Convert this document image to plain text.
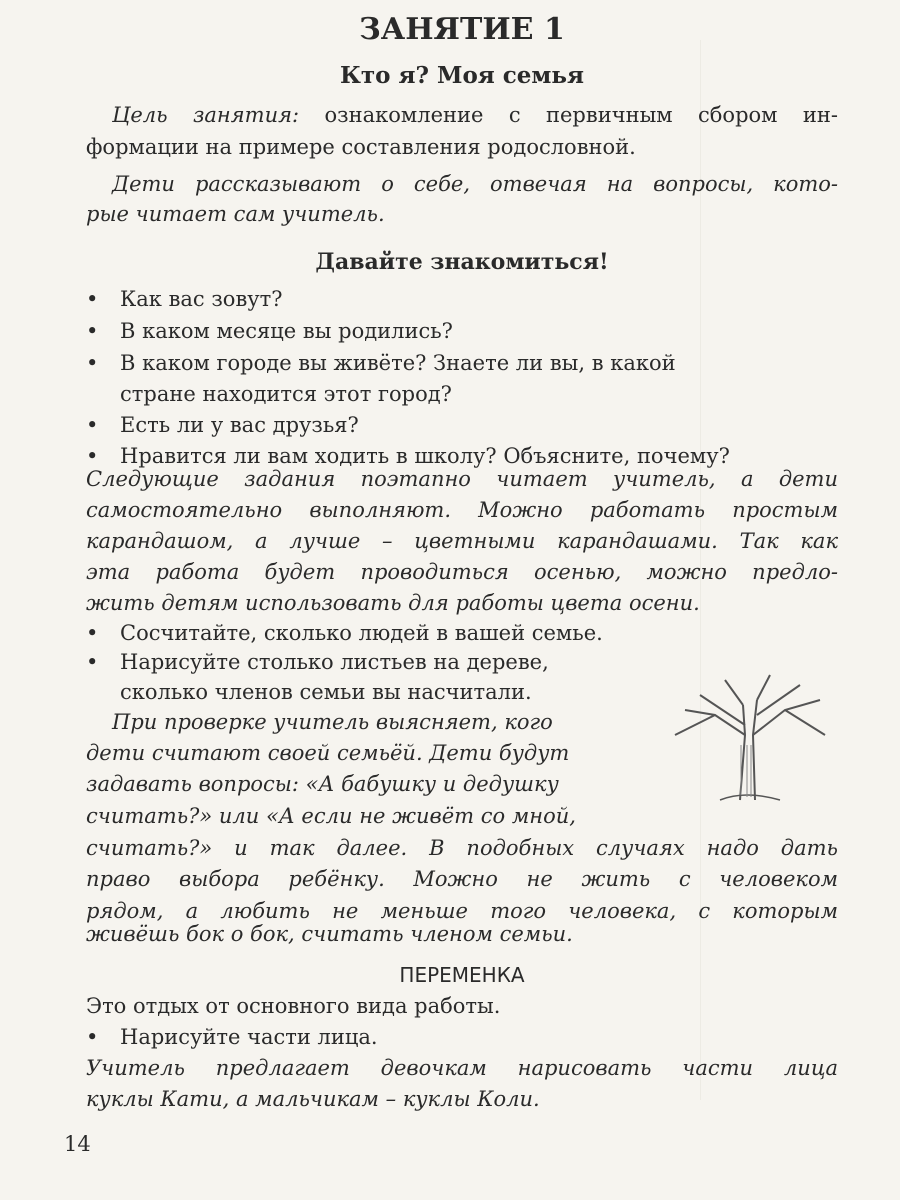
ЗАНЯТИЕ 1
Кто я? Моя семья
Цель занятия: ознакомление с первичным сбором ин-
формации на примере составления родословной.
Дети рассказывают о себе, отвечая на вопросы, кото-
рые читает сам учитель.
Давайте знакомиться!
Как вас зовут?
В каком месяце вы родились?
В каком городе вы живёте? Знаете ли вы, в какой
стране находится этот город?
Есть ли у вас друзья?
Нравится ли вам ходить в школу? Объясните, почему?
Следующие задания поэтапно читает учитель, а дети
самостоятельно выполняют. Можно работать простым
карандашом, а лучше – цветными карандашами. Так как
эта работа будет проводиться осенью, можно предло-
жить детям использовать для работы цвета осени.
Сосчитайте, сколько людей в вашей семье.
Нарисуйте столько листьев на дереве,
сколько членов семьи вы насчитали.
При проверке учитель выясняет, кого
дети считают своей семьёй. Дети будут
задавать вопросы: «А бабушку и дедушку
считать?» или «А если не живёт со мной,
считать?» и так далее. В подобных случаях надо дать
право выбора ребёнку. Можно не жить с человеком
рядом, а любить не меньше того человека, с которым
живёшь бок о бок, считать членом семьи.
ПЕРЕМЕНКА
Это отдых от основного вида работы.
Нарисуйте части лица.
Учитель предлагает девочкам нарисовать части лица
куклы Кати, а мальчикам – куклы Коли.
14
